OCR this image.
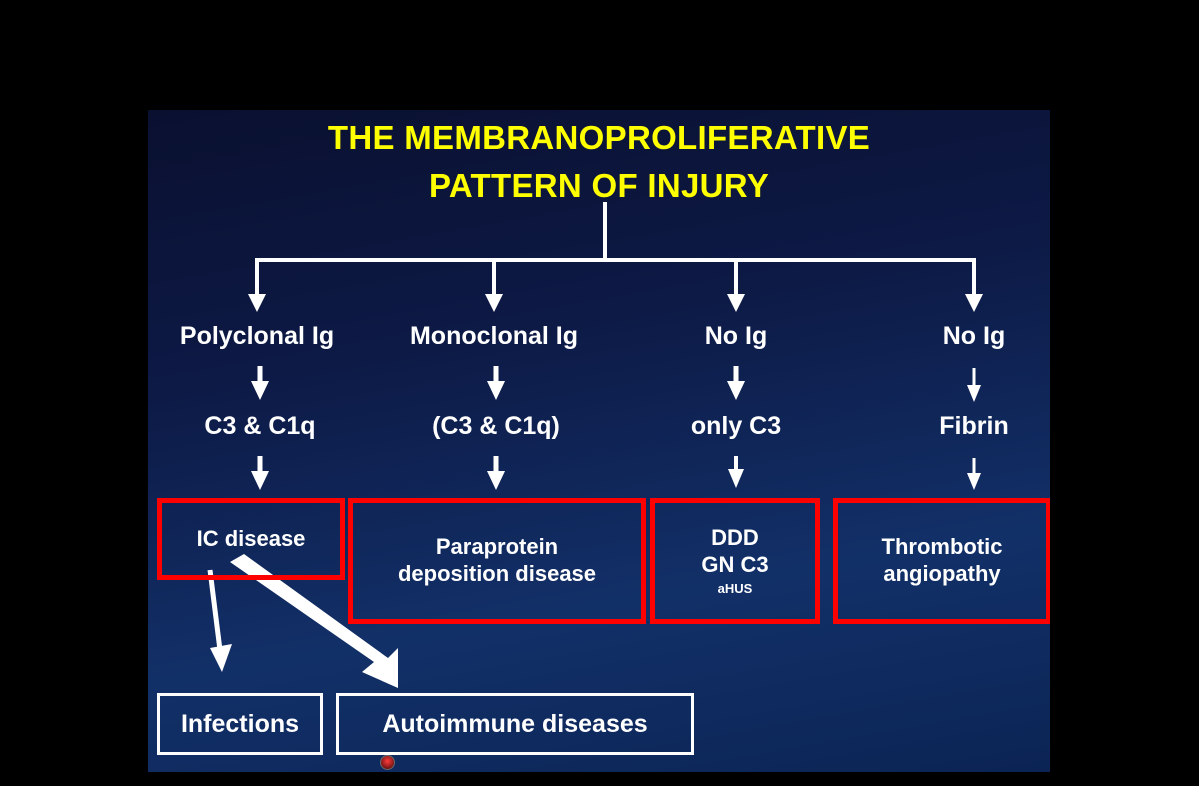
THE MEMBRANOPROLIFERATIVE
PATTERN OF INJURY
Polyclonal Ig	Monoclonal Ig	No Ig	No Ig
C3 & C1q	(C3 & C1q)	only C3	Fibrin
IC disease	Paraprotein
deposition disease
DDD
GN C3
aHUS
Thrombotic
angiopathy
Infections	Autoimmune diseases
